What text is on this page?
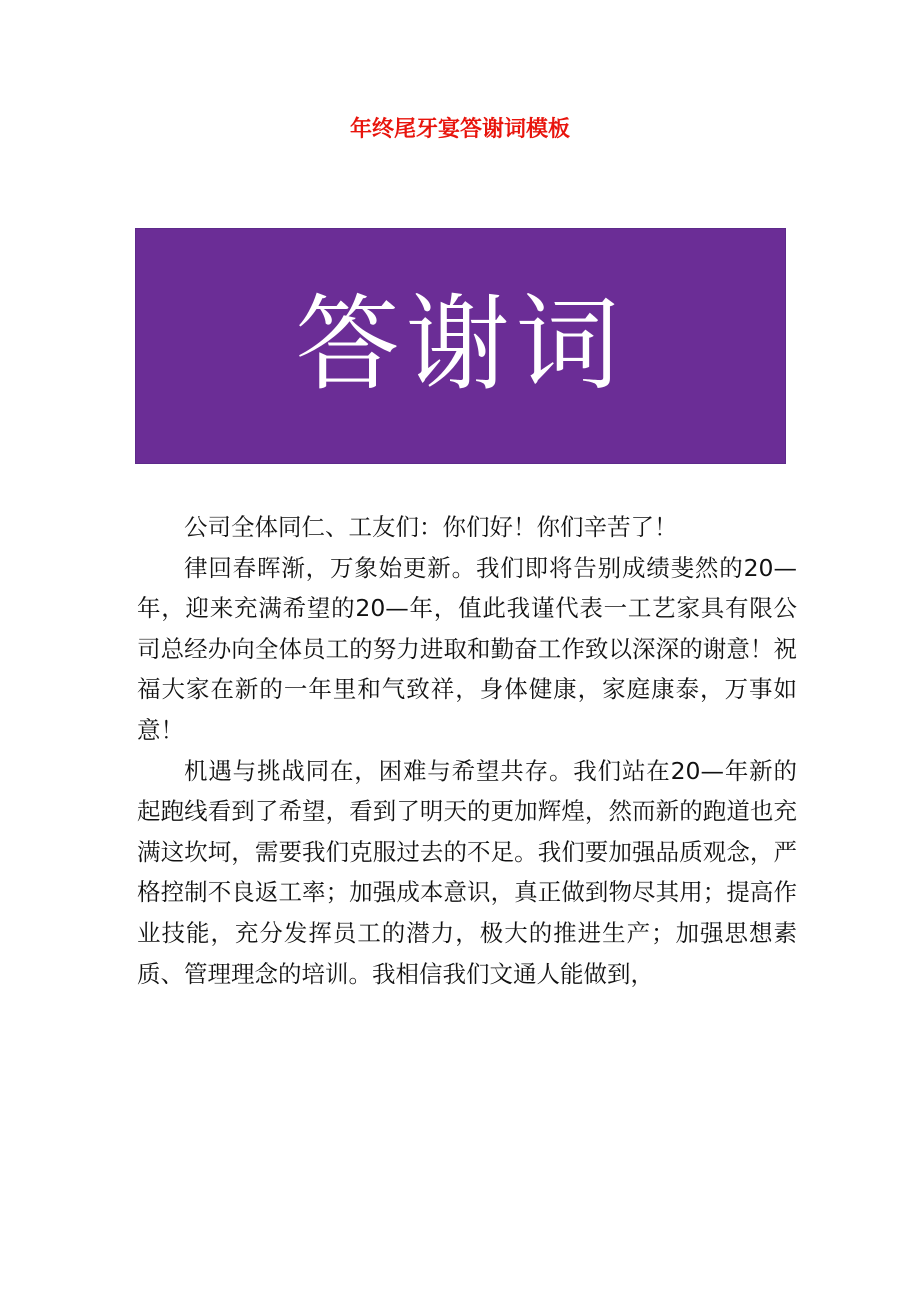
年终尾牙宴答谢词模板
答谢词

公司全体同仁、工友们：你们好！你们辛苦了！

律回春晖渐，万象始更新。我们即将告别成绩斐然的20—年，迎来充满希望的20—年，值此我谨代表一工艺家具有限公司总经办向全体员工的努力进取和勤奋工作致以深深的谢意！祝福大家在新的一年里和气致祥，身体健康，家庭康泰，万事如意！

机遇与挑战同在，困难与希望共存。我们站在20—年新的起跑线看到了希望，看到了明天的更加辉煌，然而新的跑道也充满这坎坷，需要我们克服过去的不足。我们要加强品质观念，严格控制不良返工率；加强成本意识，真正做到物尽其用；提高作业技能，充分发挥员工的潜力，极大的推进生产；加强思想素质、管理理念的培训。我相信我们文通人能做到，
